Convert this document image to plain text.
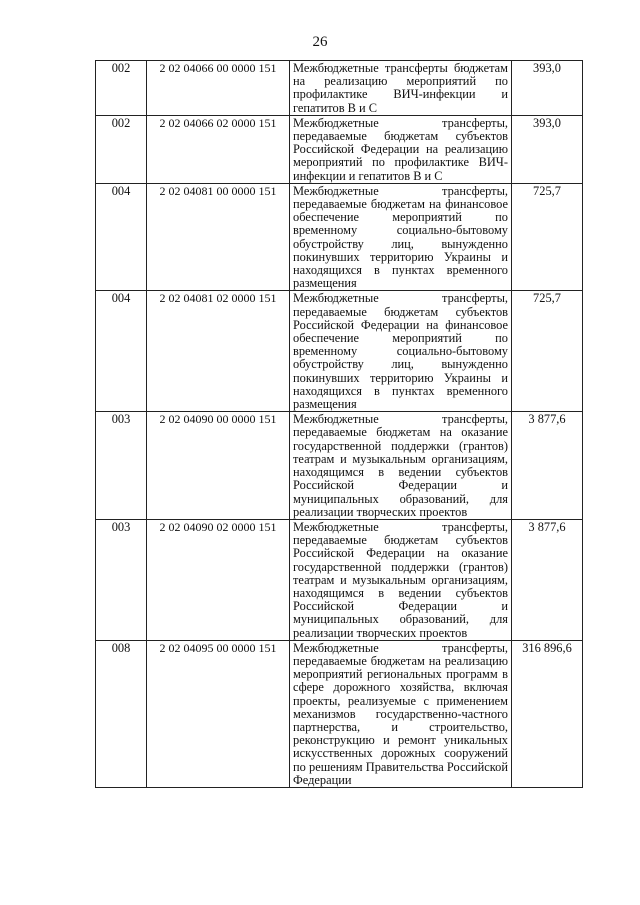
26
002	2 02 04066 00 0000 151	Межбюджетные трансферты бюджетам на реализацию мероприятий по профилактике ВИЧ-инфекции и гепатитов В и С	393,0
002	2 02 04066 02 0000 151	Межбюджетные трансферты, передаваемые бюджетам субъектов Российской Федерации на реализацию мероприятий по профилактике ВИЧ-инфекции и гепатитов В и С	393,0
004	2 02 04081 00 0000 151	Межбюджетные трансферты, передаваемые бюджетам на финансовое обеспечение мероприятий по временному социально-бытовому обустройству лиц, вынужденно покинувших территорию Украины и находящихся в пунктах временного размещения	725,7
004	2 02 04081 02 0000 151	Межбюджетные трансферты, передаваемые бюджетам субъектов Российской Федерации на финансовое обеспечение мероприятий по временному социально-бытовому обустройству лиц, вынужденно покинувших территорию Украины и находящихся в пунктах временного размещения	725,7
003	2 02 04090 00 0000 151	Межбюджетные трансферты, передаваемые бюджетам на оказание государственной поддержки (грантов) театрам и музыкальным организациям, находящимся в ведении субъектов Российской Федерации и муниципальных образований, для реализации творческих проектов	3 877,6
003	2 02 04090 02 0000 151	Межбюджетные трансферты, передаваемые бюджетам субъектов Российской Федерации на оказание государственной поддержки (грантов) театрам и музыкальным организациям, находящимся в ведении субъектов Российской Федерации и муниципальных образований, для реализации творческих проектов	3 877,6
008	2 02 04095 00 0000 151	Межбюджетные трансферты, передаваемые бюджетам на реализацию мероприятий региональных программ в сфере дорожного хозяйства, включая проекты, реализуемые с применением механизмов государственно-частного партнерства, и строительство, реконструкцию и ремонт уникальных искусственных дорожных сооружений по решениям Правительства Российской Федерации	316 896,6
